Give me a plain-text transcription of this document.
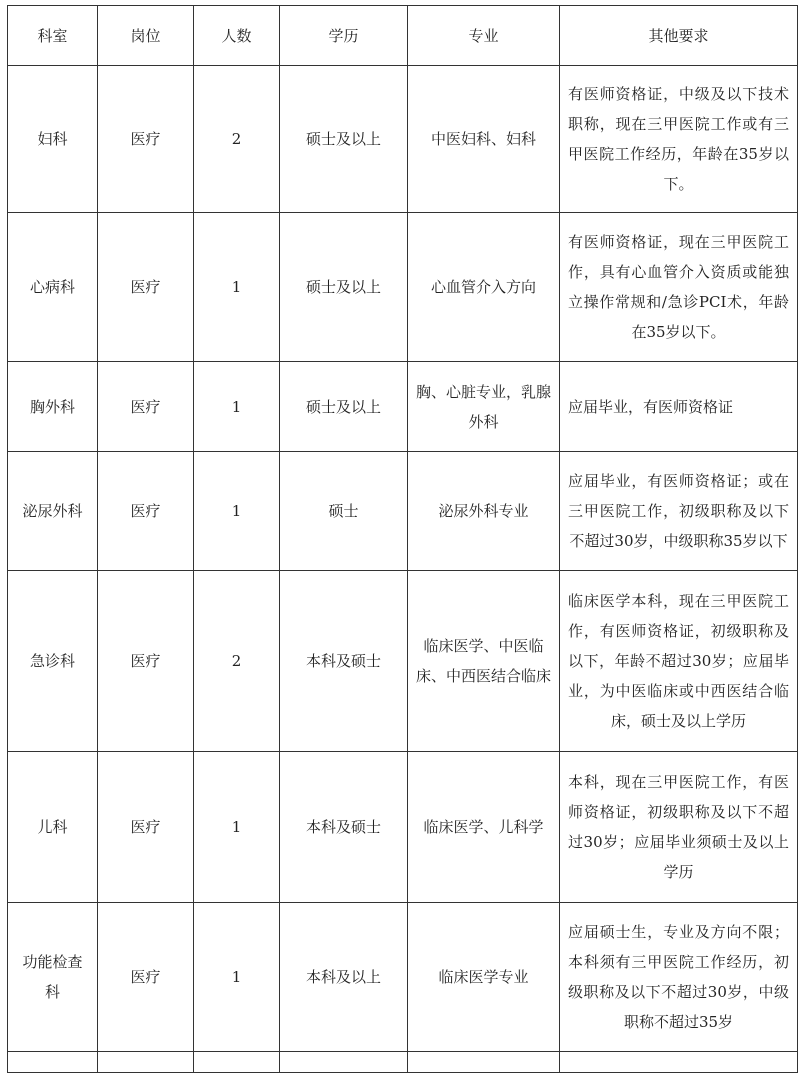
科室	岗位	人数	学历	专业	其他要求
妇科	医疗	2	硕士及以上	中医妇科、妇科	有医师资格证，中级及以下技术职称，现在三甲医院工作或有三甲医院工作经历，年龄在35岁以下。
心病科	医疗	1	硕士及以上	心血管介入方向	有医师资格证，现在三甲医院工作，具有心血管介入资质或能独立操作常规和/急诊PCI术，年龄在35岁以下。
胸外科	医疗	1	硕士及以上	胸、心脏专业，乳腺外科	应届毕业，有医师资格证
泌尿外科	医疗	1	硕士	泌尿外科专业	应届毕业，有医师资格证；或在三甲医院工作，初级职称及以下不超过30岁，中级职称35岁以下
急诊科	医疗	2	本科及硕士	临床医学、中医临床、中西医结合临床	临床医学本科，现在三甲医院工作，有医师资格证，初级职称及以下，年龄不超过30岁；应届毕业，为中医临床或中西医结合临床，硕士及以上学历
儿科	医疗	1	本科及硕士	临床医学、儿科学	本科，现在三甲医院工作，有医师资格证，初级职称及以下不超过30岁；应届毕业须硕士及以上学历
功能检查科	医疗	1	本科及以上	临床医学专业	应届硕士生，专业及方向不限；本科须有三甲医院工作经历，初级职称及以下不超过30岁，中级职称不超过35岁
